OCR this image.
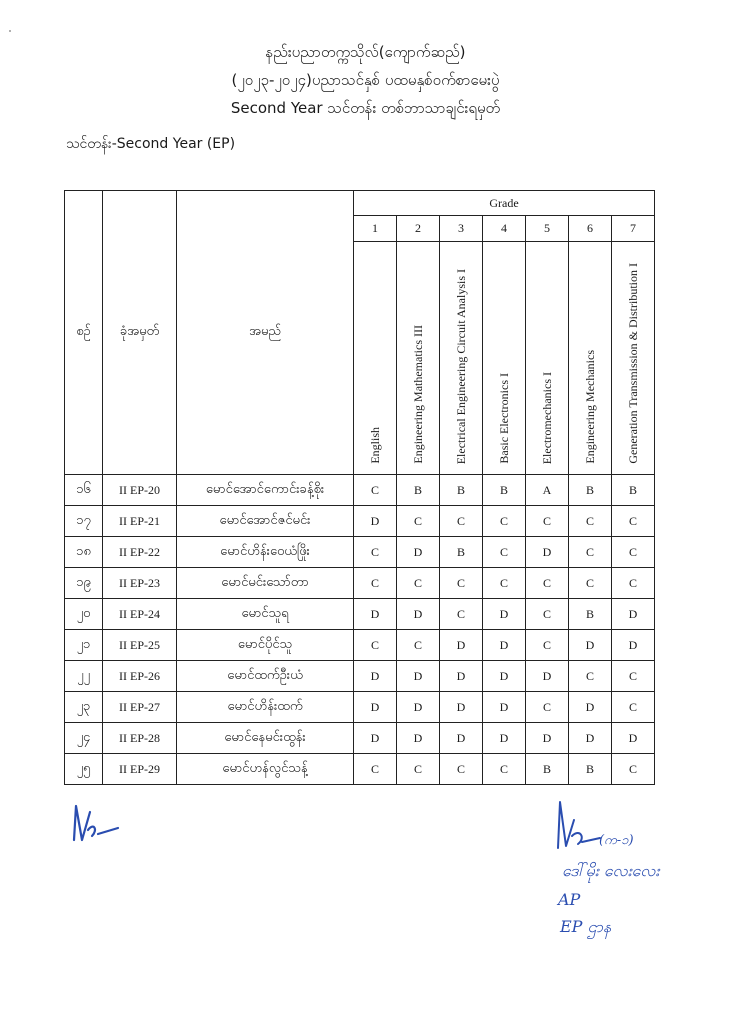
နည်းပညာတက္ကသိုလ်(ကျောက်ဆည်)
(၂၀၂၃-၂၀၂၄)ပညာသင်နှစ် ပထမနှစ်ဝက်စာမေးပွဲ
Second Year သင်တန်း တစ်ဘာသာချင်းရမှတ်
သင်တန်း-Second Year (EP)
စဥ်	ခုံအမှတ်	အမည်	Grade						
			1	2	3	4	5	6	7
			English	Engineering Mathematics III	Electrical Engineering Circuit Analysis I	Basic Electronics I	Electromechanics I	Engineering Mechanics	Generation Transmission & Distribution I
၁၆	II EP-20	မောင်အောင်ကောင်းခန့်စိုး	C	B	B	B	A	B	B
၁၇	II EP-21	မောင်အောင်ဇင်မင်း	D	C	C	C	C	C	C
၁၈	II EP-22	မောင်ဟိန်းဝေယံဖြိုး	C	D	B	C	D	C	C
၁၉	II EP-23	မောင်မင်းသော်တာ	C	C	C	C	C	C	C
၂၀	II EP-24	မောင်သူရ	D	D	C	D	C	B	D
၂၁	II EP-25	မောင်ပိုင်သူ	C	C	D	D	C	D	D
၂၂	II EP-26	မောင်ထက်ဦးယံ	D	D	D	D	D	C	C
၂၃	II EP-27	မောင်ဟိန်းထက်	D	D	D	D	C	D	C
၂၄	II EP-28	မောင်နေမင်းထွန်း	D	D	D	D	D	D	D
၂၅	II EP-29	မောင်ဟန်လွင်သန့်	C	C	C	C	B	B	C
(က-၁)
ဒေါ်မိုး လေးလေး
AP
EP ဌာန
